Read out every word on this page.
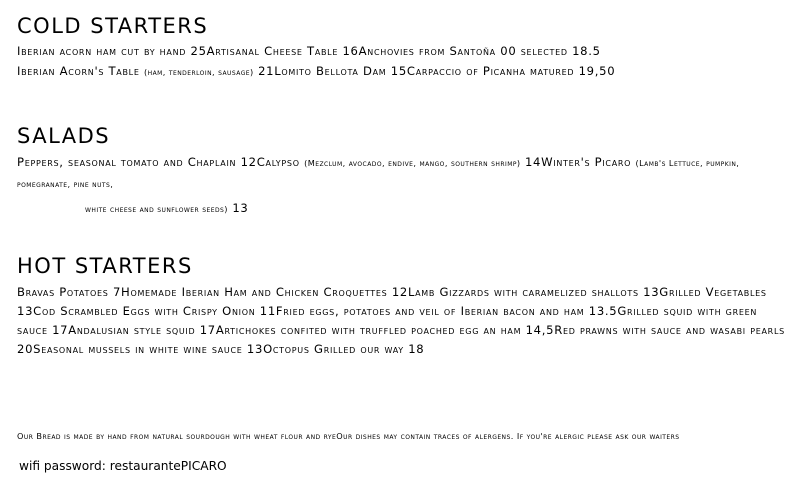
COLD STARTERS

Iberian acorn ham cut by hand 25Artisanal Cheese Table 16Anchovies from Santoña 00 selected 18.5
Iberian Acorn's Table (ham, tenderloin, sausage) 21Lomito Bellota Dam 15Carpaccio of Picanha matured 19,50

SALADS

Peppers, seasonal tomato and Chaplain 12Calypso (Mezclum, avocado, endive, mango, southern shrimp) 14Winter's Picaro (Lamb's Lettuce, pumpkin, pomegranate, pine nuts,
white cheese and sunflower seeds) 13

HOT STARTERS

Bravas Potatoes 7Homemade Iberian Ham and Chicken Croquettes 12Lamb Gizzards with caramelized shallots 13Grilled Vegetables 13Cod Scrambled Eggs with Crispy Onion 11Fried eggs, potatoes and veil of Iberian bacon and ham 13.5Grilled squid with green sauce 17Andalusian style squid 17Artichokes confited with truffled poached egg an ham 14,5Red prawns with sauce and wasabi pearls 20Seasonal mussels in white wine sauce 13Octopus Grilled our way 18

Our Bread is made by hand from natural sourdough with wheat flour and ryeOur dishes may contain traces of alergens. If you're alergic please ask our waiters

wifi password: restaurantePICARO
